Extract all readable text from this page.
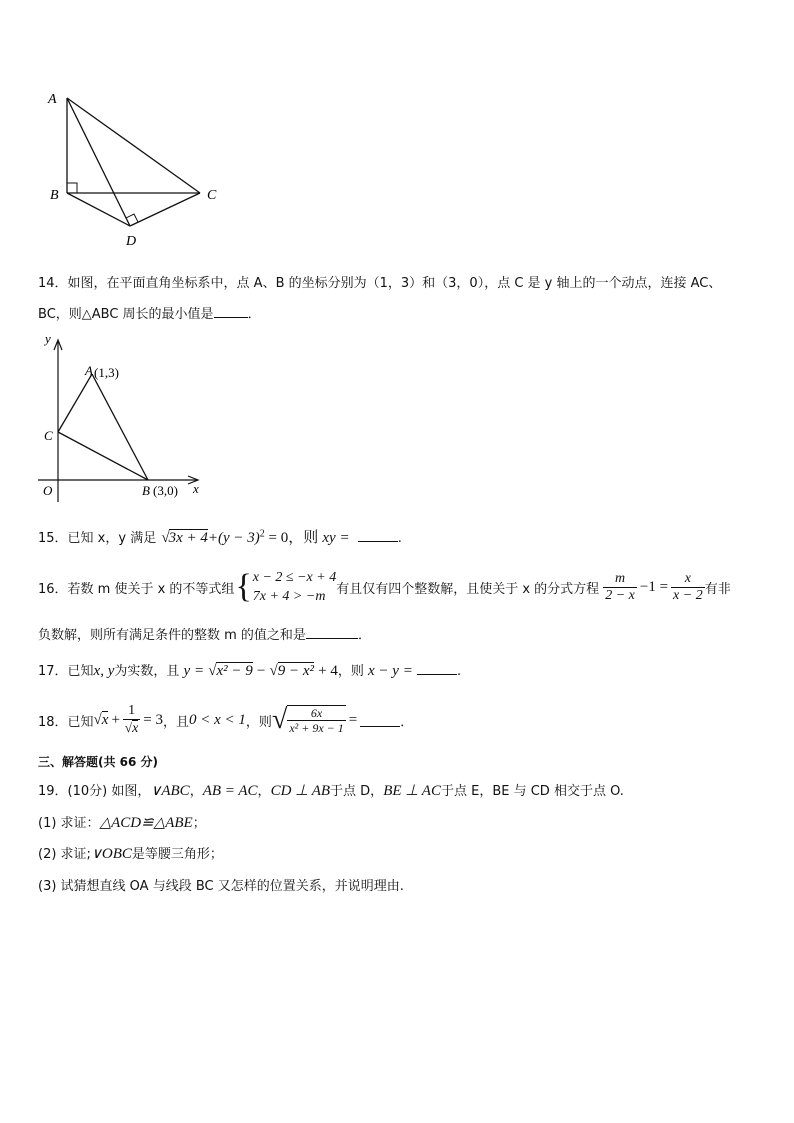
A
B	C
D
14．如图，在平面直角坐标系中，点 A、B 的坐标分别为（1，3）和（3，0），点 C 是 y 轴上的一个动点，连接 AC、
BC，则△ABC 周长的最小值是	．
y
x
A (1,3)
C
O	B (3,0)
15．已知 x，y 满足 $√3x + 4+(y - 3)^2 = 0$，则 xy =	.
16．若数 m 使关于 x 的不等式组 { x − 2 ≤ −x + 4
7x + 4 > −m 有且仅有四个整数解，且使关于 x 的分式方程 $\frac{m}{2 - x} -1 = \frac{x}{x - 2}$ 有非
负数解，则所有满足条件的整数 m 的值之和是	．
17．已知x, y为实数，且 y = √x² − 9 − √9 − x² + 4，则 x − y =	.
18．已知 √ $x + \frac{1}{√x} = 3$ ，且 0 < x < 1 ，则 √ $\frac{6x}{\text{x² + 9x − 1}}$ =	．
三、解答题(共 66 分)
19．(10分) 如图，∨ABC，AB = AC，CD ⊥ AB于点 D，BE ⊥ AC于点 E，BE 与 CD 相交于点 O.
(1) 求证：△ACD≌△ABE；
(2) 求证;∨OBC是等腰三角形；
(3) 试猜想直线 OA 与线段 BC 又怎样的位置关系，并说明理由.
